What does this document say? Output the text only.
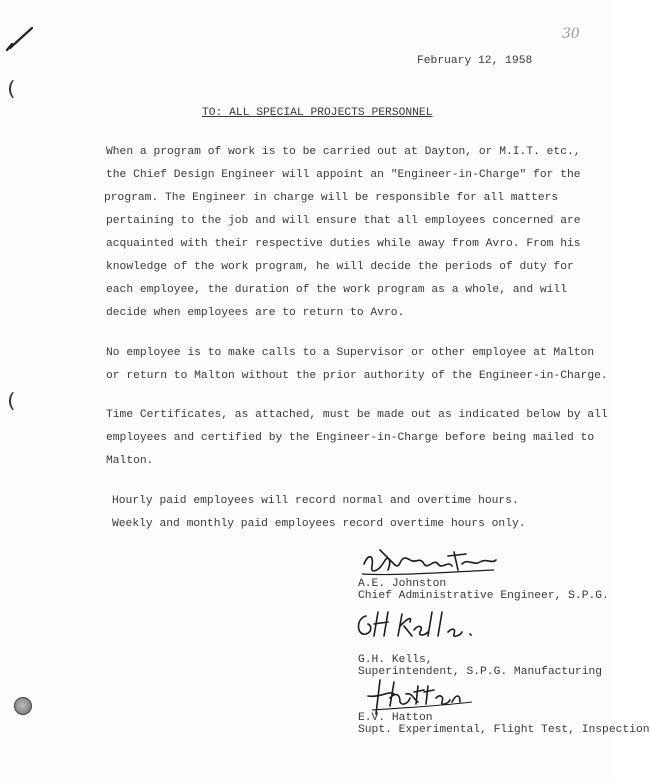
30
February 12, 1958
TO: ALL SPECIAL PROJECTS PERSONNEL
When a program of work is to be carried out at Dayton, or M.I.T. etc.,
the Chief Design Engineer will appoint an "Engineer-in-Charge" for the
program. The Engineer in charge will be responsible for all matters
pertaining to the job and will ensure that all employees concerned are
acquainted with their respective duties while away from Avro. From his
knowledge of the work program, he will decide the periods of duty for
each employee, the duration of the work program as a whole, and will
decide when employees are to return to Avro.
No employee is to make calls to a Supervisor or other employee at Malton
or return to Malton without the prior authority of the Engineer-in-Charge.
Time Certificates, as attached, must be made out as indicated below by all
employees and certified by the Engineer-in-Charge before being mailed to
Malton.
Hourly paid employees will record normal and overtime hours.
Weekly and monthly paid employees record overtime hours only.
A.E. Johnston
Chief Administrative Engineer, S.P.G.
G.H. Kells,
Superintendent, S.P.G. Manufacturing
E.V. Hatton
Supt. Experimental, Flight Test, Inspection
